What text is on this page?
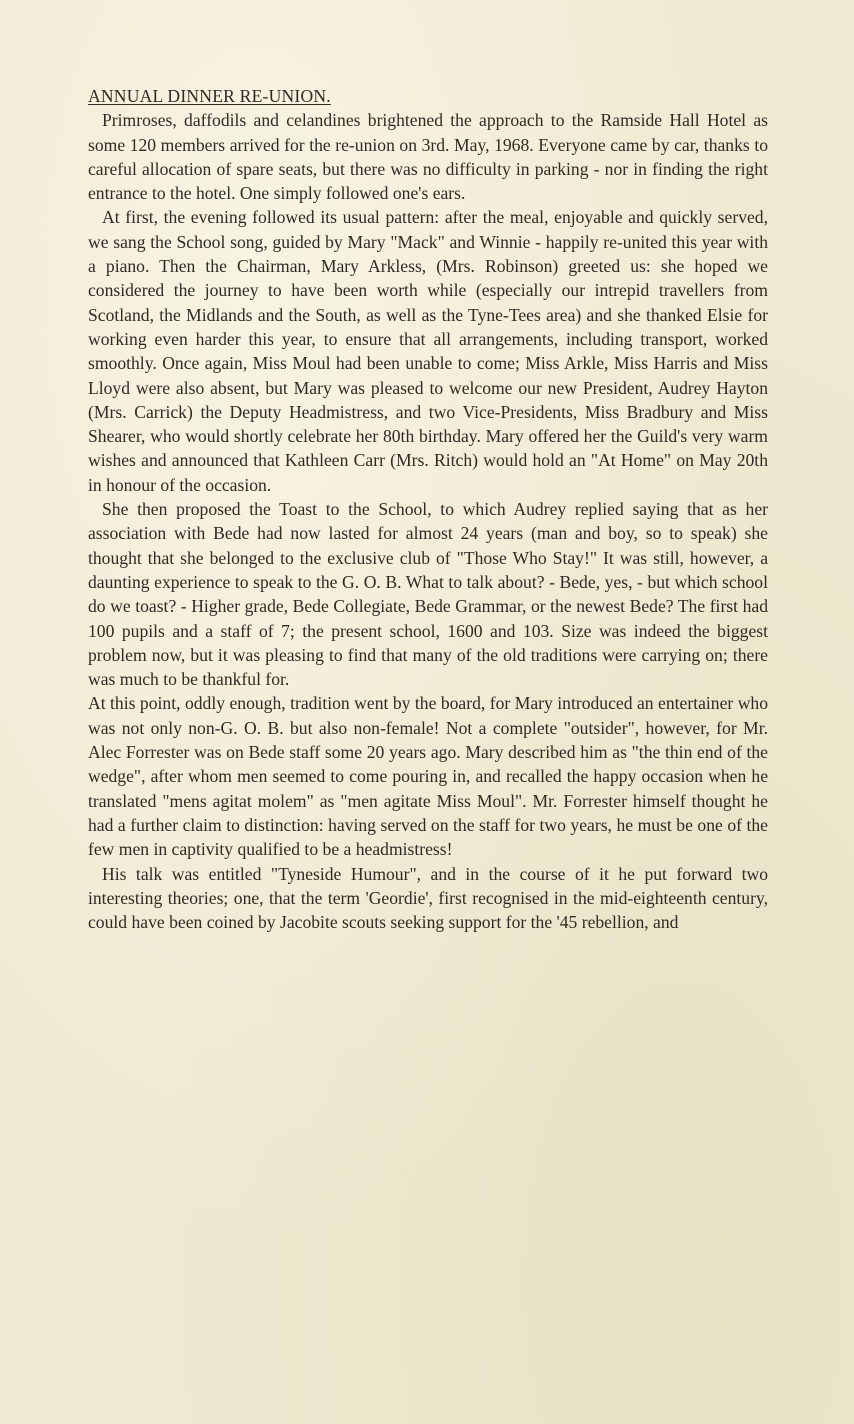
ANNUAL DINNER RE-UNION.

Primroses, daffodils and celandines brightened the approach to the Ramside Hall Hotel as some 120 members arrived for the re-union on 3rd. May, 1968. Everyone came by car, thanks to careful allocation of spare seats, but there was no difficulty in parking - nor in finding the right entrance to the hotel. One simply followed one's ears.

At first, the evening followed its usual pattern: after the meal, enjoyable and quickly served, we sang the School song, guided by Mary "Mack" and Winnie - happily re-united this year with a piano. Then the Chairman, Mary Arkless, (Mrs. Robinson) greeted us: she hoped we considered the journey to have been worth while (especially our intrepid travellers from Scotland, the Midlands and the South, as well as the Tyne-Tees area) and she thanked Elsie for working even harder this year, to ensure that all arrangements, including transport, worked smoothly. Once again, Miss Moul had been unable to come; Miss Arkle, Miss Harris and Miss Lloyd were also absent, but Mary was pleased to welcome our new President, Audrey Hayton (Mrs. Carrick) the Deputy Headmistress, and two Vice-Presidents, Miss Bradbury and Miss Shearer, who would shortly celebrate her 80th birthday. Mary offered her the Guild's very warm wishes and announced that Kathleen Carr (Mrs. Ritch) would hold an "At Home" on May 20th in honour of the occasion.

She then proposed the Toast to the School, to which Audrey replied saying that as her association with Bede had now lasted for almost 24 years (man and boy, so to speak) she thought that she belonged to the exclusive club of "Those Who Stay!" It was still, however, a daunting experience to speak to the G. O. B. What to talk about? - Bede, yes, - but which school do we toast? - Higher grade, Bede Collegiate, Bede Grammar, or the newest Bede? The first had 100 pupils and a staff of 7; the present school, 1600 and 103. Size was indeed the biggest problem now, but it was pleasing to find that many of the old traditions were carrying on; there was much to be thankful for.

At this point, oddly enough, tradition went by the board, for Mary introduced an entertainer who was not only non-G. O. B. but also non-female! Not a complete "outsider", however, for Mr. Alec Forrester was on Bede staff some 20 years ago. Mary described him as "the thin end of the wedge", after whom men seemed to come pouring in, and recalled the happy occasion when he translated "mens agitat molem" as "men agitate Miss Moul". Mr. Forrester himself thought he had a further claim to distinction: having served on the staff for two years, he must be one of the few men in captivity qualified to be a headmistress!

His talk was entitled "Tyneside Humour", and in the course of it he put forward two interesting theories; one, that the term 'Geordie', first recognised in the mid-eighteenth century, could have been coined by Jacobite scouts seeking support for the '45 rebellion, and
